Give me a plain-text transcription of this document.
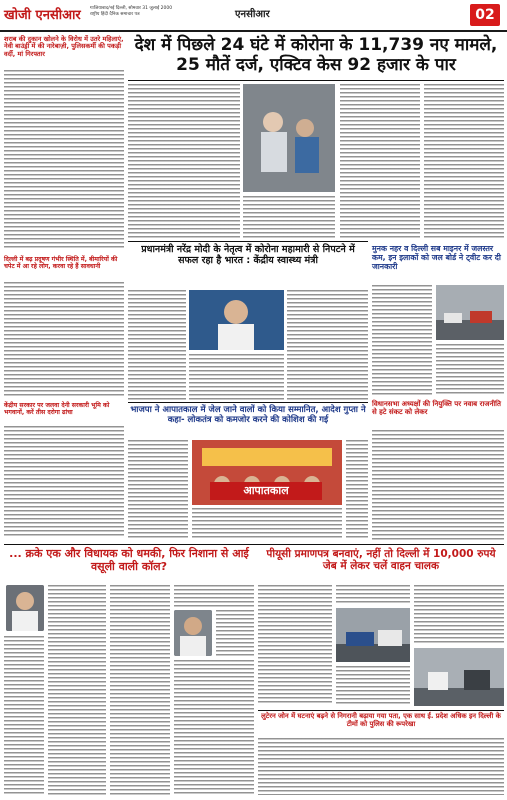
खोजी एनसीआर गाजियाबाद/नई दिल्ली, सोमवार 31 जुलाई 2000
राष्ट्रीय हिंदी दैनिक समाचार पत्र	एनसीआर	02
शराब की दुकान खोलने के विरोध में उतरे महिलाएं, नेवी बाउंड्री में की नारेबाज़ी, पुलिसकर्मी की पकड़ी वर्दी, मां गिरफ्तार
दिल्ली में बढ़ प्रदूषण गंभीर स्थिति में, बीमारियों की चपेट में आ रहे लोग, करवा रहे हैं सावधानी
केंद्रीय सरकार पर जलवा देनी सरकारी भूमि को भगवानों, करें तीस दरोगा ढांचा
देश में पिछले 24 घंटे में कोरोना के 11,739 नए मामले, 25 मौतें दर्ज, एक्टिव केस 92 हजार के पार
प्रधानमंत्री नरेंद्र मोदी के नेतृत्व में कोरोना महामारी से निपटने में सफल रहा है भारत : केंद्रीय स्वास्थ्य मंत्री
मुनक नहर व दिल्ली सब माइनर में जलस्तर कम, इन इलाकों को जल बोर्ड ने ट्वीट कर दी जानकारी
भाजपा ने आपातकाल में जेल जाने वालों को किया सम्मानित, आदेश गुप्ता ने कहा- लोकतंत्र को कमजोर करने की कोशिश की गई
आपातकाल
विधानसभा अध्यक्षों की नियुक्ति पर नवाब राजनीति से हटे संकट को लेकर
... क्रके एक और विधायक को धमकी, फिर निशाना से आई वसूली वाली कॉल?
पीयूसी प्रमाणपत्र बनवाएं, नहीं तो दिल्ली में 10,000 रुपये जेब में लेकर चलें वाहन चालक
लुटेरन जोन में घटनाएं बढ़ने से निगरानी बढ़ाया गया पता, एक साथ ई. प्रदेश अधिक इन दिल्ली के टीमों को पुलिस की रूपरेखा
